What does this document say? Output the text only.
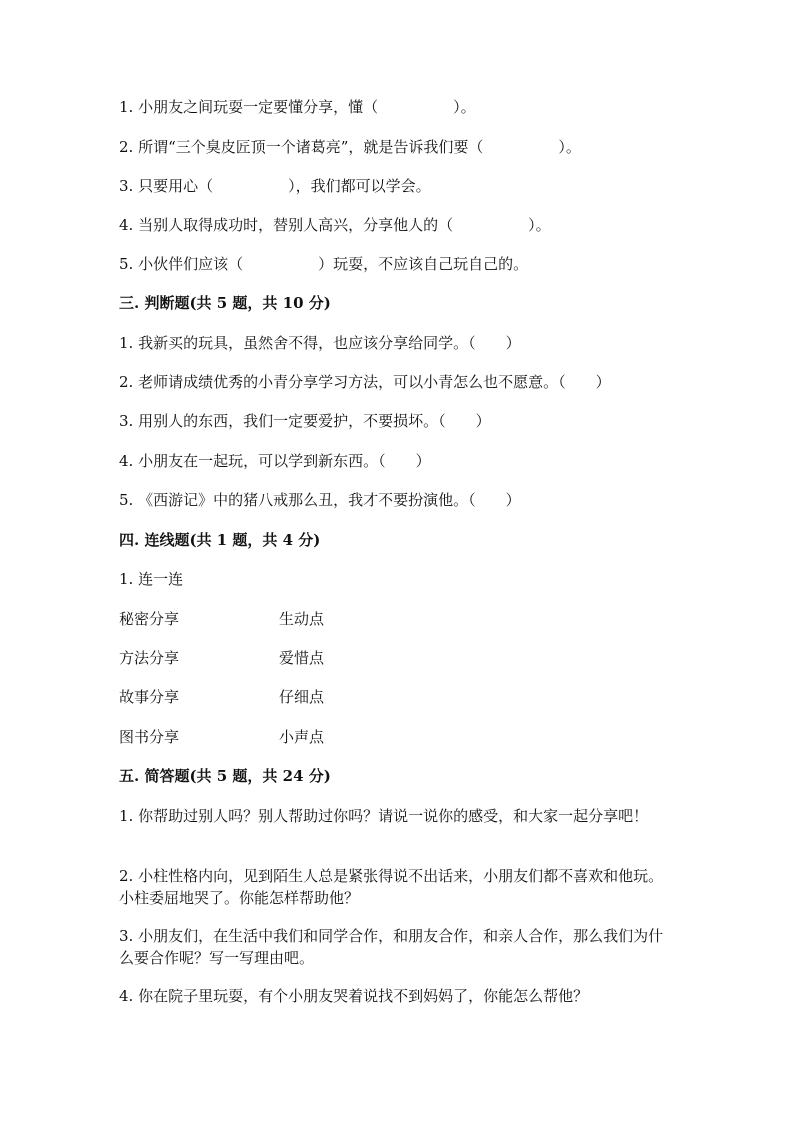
1. 小朋友之间玩耍一定要懂分享，懂（　　　　　）。
2. 所谓“三个臭皮匠顶一个诸葛亮”，就是告诉我们要（　　　　　）。
3. 只要用心（　　　　　），我们都可以学会。
4. 当别人取得成功时，替别人高兴，分享他人的（　　　　　）。
5. 小伙伴们应该（　　　　　）玩耍，不应该自己玩自己的。
三. 判断题(共 5 题，共 10 分)
1. 我新买的玩具，虽然舍不得，也应该分享给同学。（　　）
2. 老师请成绩优秀的小青分享学习方法，可以小青怎么也不愿意。（　　）
3. 用别人的东西，我们一定要爱护，不要损坏。（　　）
4. 小朋友在一起玩，可以学到新东西。（　　）
5. 《西游记》中的猪八戒那么丑，我才不要扮演他。（　　）
四. 连线题(共 1 题，共 4 分)
1. 连一连
秘密分享	生动点
方法分享	爱惜点
故事分享	仔细点
图书分享	小声点
五. 简答题(共 5 题，共 24 分)
1. 你帮助过别人吗？别人帮助过你吗？请说一说你的感受，和大家一起分享吧！
2. 小柱性格内向，见到陌生人总是紧张得说不出话来，小朋友们都不喜欢和他玩。小柱委屈地哭了。你能怎样帮助他？
3. 小朋友们，在生活中我们和同学合作，和朋友合作，和亲人合作，那么我们为什么要合作呢？写一写理由吧。
4. 你在院子里玩耍，有个小朋友哭着说找不到妈妈了，你能怎么帮他？
